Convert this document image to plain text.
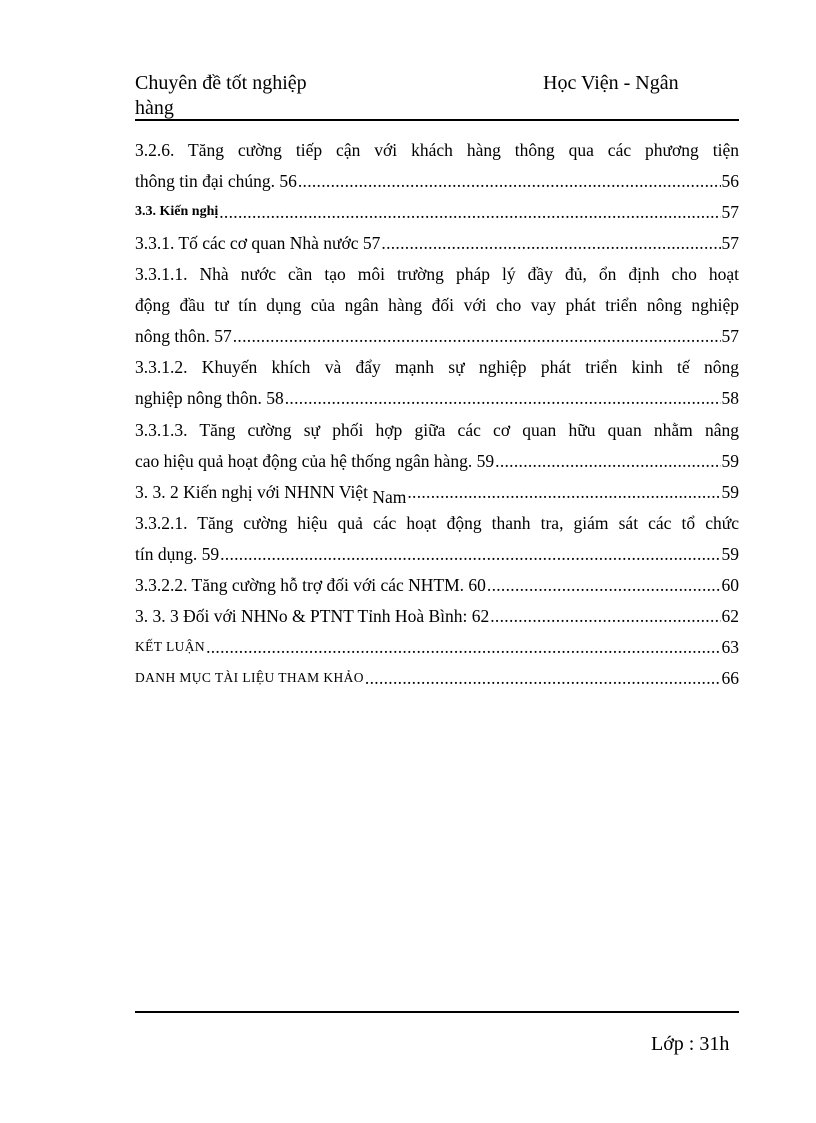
Chuyên đề tốt nghiệp	Học Viện - Ngân
hàng
3.2.6. Tăng cường tiếp cận với khách hàng thông qua các phương tiện
thông tin đại chúng. 56 .....	56
3.3. Kiến nghị .....	57
3.3.1. Tố các cơ quan Nhà nước 57 .....	57
3.3.1.1. Nhà nước cần tạo môi trường pháp lý đầy đủ, ổn định cho hoạt
động đầu tư tín dụng của ngân hàng đối với cho vay phát triển nông nghiệp
nông thôn. 57 .....	57
3.3.1.2. Khuyến khích và đẩy mạnh sự nghiệp phát triển kinh tế nông
nghiệp nông thôn. 58 .....	58
3.3.1.3. Tăng cường sự phối hợp giữa các cơ quan hữu quan nhằm nâng
cao hiệu quả hoạt động của hệ thống ngân hàng. 59 .....	59
3. 3. 2 Kiến nghị với NHNN Việt Nam .....	59
3.3.2.1. Tăng cường hiệu quả các hoạt động thanh tra, giám sát các tổ chức
tín dụng. 59 .....	59
3.3.2.2. Tăng cường hỗ trợ đối với các NHTM. 60 .....	60
3. 3. 3 Đối với NHNo & PTNT Tỉnh Hoà Bình: 62 .....	62
KẾT LUẬN .....	63
DANH MỤC TÀI LIỆU THAM KHẢO .....	66
Lớp : 31h
